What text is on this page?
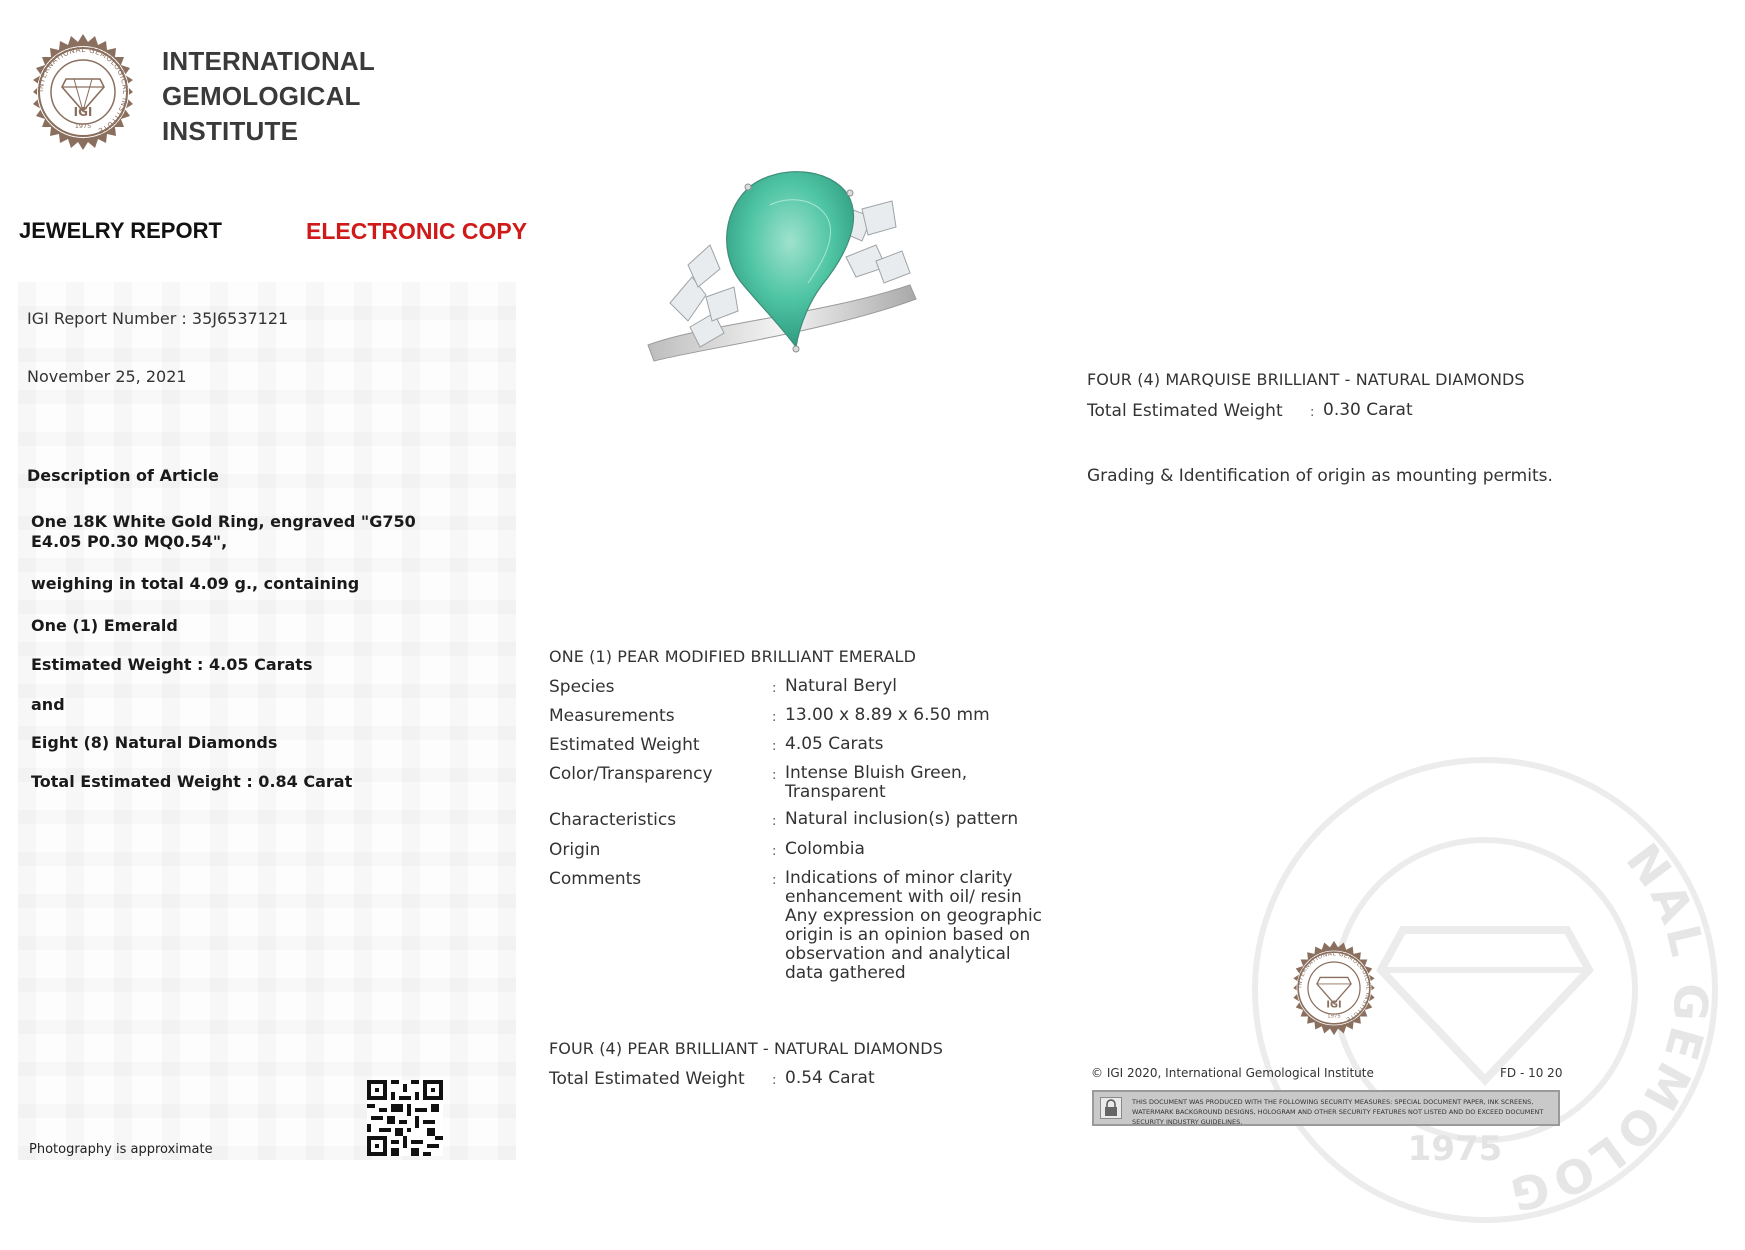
INTERNATIONAL GEMOLOGICAL INSTITUTE
IGI
1975
INTERNATIONAL
GEMOLOGICAL
INSTITUTE
JEWELRY REPORT	ELECTRONIC COPY
IGI Report Number : 35J6537121
November 25, 2021
Description of Article
One 18K White Gold Ring, engraved "G750 E4.05 P0.30 MQ0.54",
weighing in total 4.09 g., containing
One (1) Emerald
Estimated Weight : 4.05 Carats
and
Eight (8) Natural Diamonds
Total Estimated Weight : 0.84 Carat
Photography is approximate
ONE (1) PEAR MODIFIED BRILLIANT EMERALD
Species	: Natural Beryl
Measurements	: 13.00 x 8.89 x 6.50 mm
Estimated Weight	: 4.05 Carats
Color/Transparency	: Intense Bluish Green,
Transparent
Characteristics	: Natural inclusion(s) pattern
Origin	: Colombia
Comments	: Indications of minor clarity enhancement with oil/ resin
Any expression on geographic origin is an opinion based on observation and analytical data gathered
FOUR (4) PEAR BRILLIANT - NATURAL DIAMONDS
Total Estimated Weight : 0.54 Carat
FOUR (4) MARQUISE BRILLIANT - NATURAL DIAMONDS
Total Estimated Weight : 0.30 Carat
Grading & Identification of origin as mounting permits.
NAL GEMOLOG
1975
INTERNATIONAL GEMOLOGICAL INSTITUTE
IGI
1975
© IGI 2020, International Gemological Institute	FD - 10 20
THIS DOCUMENT WAS PRODUCED WITH THE FOLLOWING SECURITY MEASURES: SPECIAL DOCUMENT PAPER, INK SCREENS, WATERMARK BACKGROUND DESIGNS, HOLOGRAM AND OTHER SECURITY FEATURES NOT LISTED AND DO EXCEED DOCUMENT SECURITY INDUSTRY GUIDELINES.
